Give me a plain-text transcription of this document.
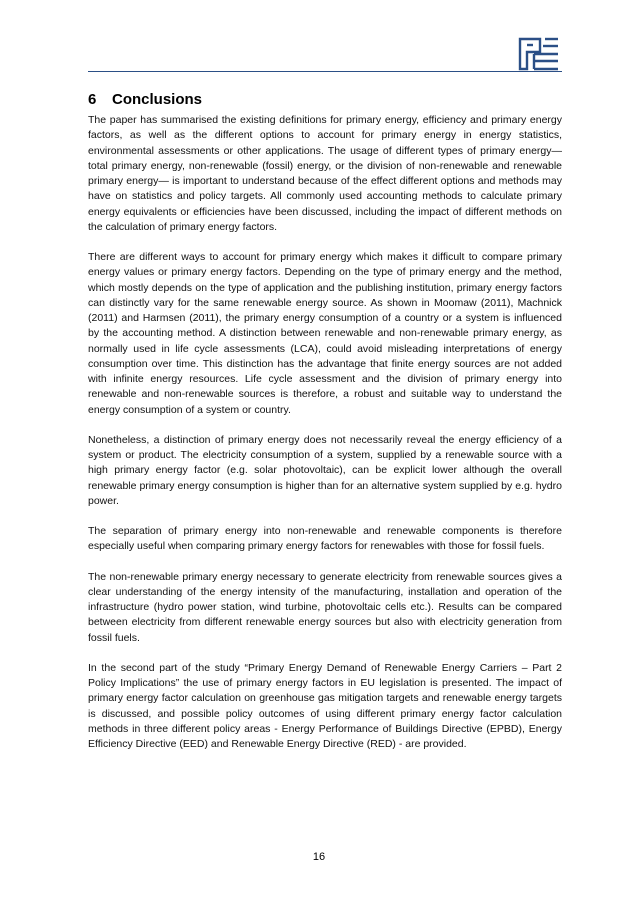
6 Conclusions

The paper has summarised the existing definitions for primary energy, efficiency and primary energy factors, as well as the different options to account for primary energy in energy statistics, environmental assessments or other applications. The usage of different types of primary energy— total primary energy, non-renewable (fossil) energy, or the division of non-renewable and renewable primary energy— is important to understand because of the effect different options and methods may have on statistics and policy targets. All commonly used accounting methods to calculate primary energy equivalents or efficiencies have been discussed, including the impact of different methods on the calculation of primary energy factors.

There are different ways to account for primary energy which makes it difficult to compare primary energy values or primary energy factors. Depending on the type of primary energy and the method, which mostly depends on the type of application and the publishing institution, primary energy factors can distinctly vary for the same renewable energy source. As shown in Moomaw (2011), Machnick (2011) and Harmsen (2011), the primary energy consumption of a country or a system is influenced by the accounting method. A distinction between renewable and non-renewable primary energy, as normally used in life cycle assessments (LCA), could avoid misleading interpretations of energy consumption over time. This distinction has the advantage that finite energy sources are not added with infinite energy resources. Life cycle assessment and the division of primary energy into renewable and non-renewable sources is therefore, a robust and suitable way to understand the energy consumption of a system or country.

Nonetheless, a distinction of primary energy does not necessarily reveal the energy efficiency of a system or product. The electricity consumption of a system, supplied by a renewable source with a high primary energy factor (e.g. solar photovoltaic), can be explicit lower although the overall renewable primary energy consumption is higher than for an alternative system supplied by e.g. hydro power.

The separation of primary energy into non-renewable and renewable components is therefore especially useful when comparing primary energy factors for renewables with those for fossil fuels.

The non-renewable primary energy necessary to generate electricity from renewable sources gives a clear understanding of the energy intensity of the manufacturing, installation and operation of the infrastructure (hydro power station, wind turbine, photovoltaic cells etc.). Results can be compared between electricity from different renewable energy sources but also with electricity generation from fossil fuels.

In the second part of the study “Primary Energy Demand of Renewable Energy Carriers – Part 2 Policy Implications” the use of primary energy factors in EU legislation is presented. The impact of primary energy factor calculation on greenhouse gas mitigation targets and renewable energy targets is discussed, and possible policy outcomes of using different primary energy factor calculation methods in three different policy areas - Energy Performance of Buildings Directive (EPBD), Energy Efficiency Directive (EED) and Renewable Energy Directive (RED) - are provided.

16
